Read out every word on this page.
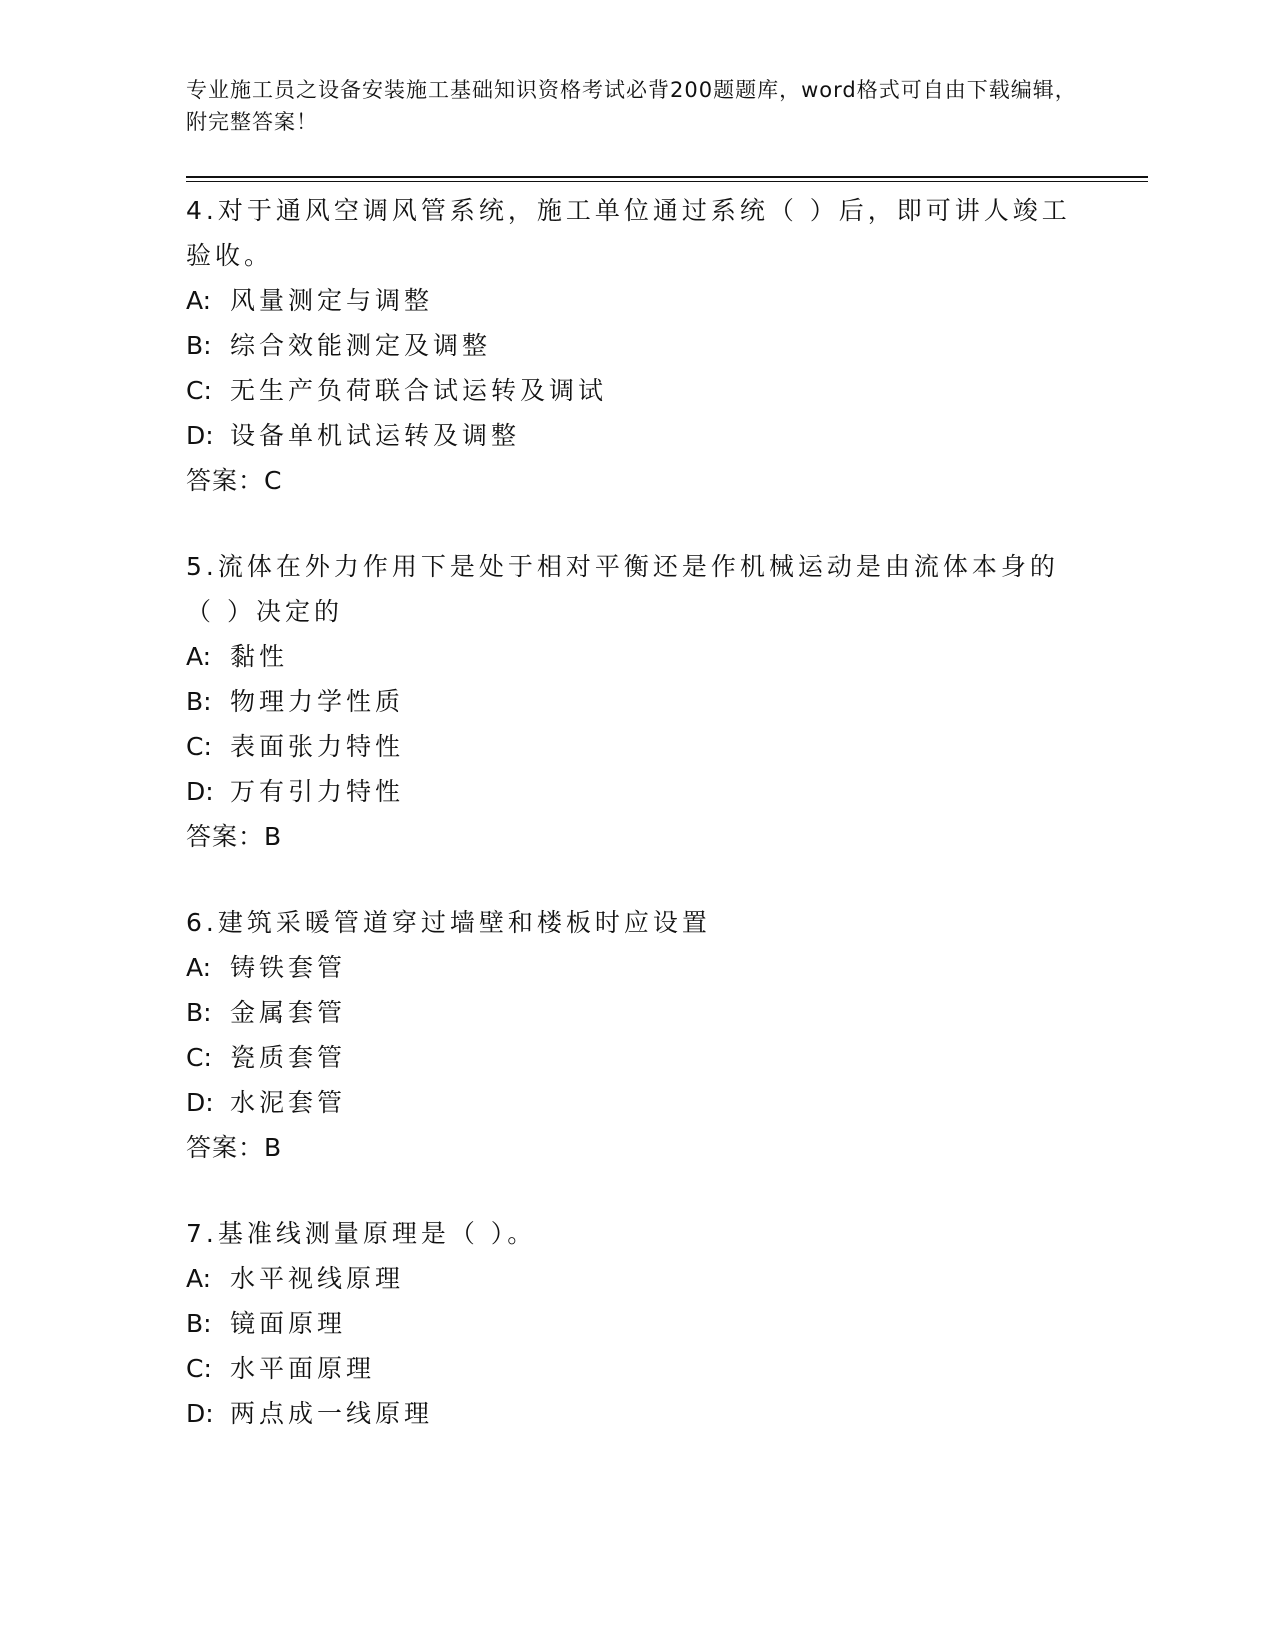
专业施工员之设备安装施工基础知识资格考试必背200题题库，word格式可自由下载编辑，附完整答案！

4.对于通风空调风管系统，施工单位通过系统（ ）后，即可讲人竣工验收。

A: 风量测定与调整

B: 综合效能测定及调整

C: 无生产负荷联合试运转及调试

D: 设备单机试运转及调整

答案：C

5.流体在外力作用下是处于相对平衡还是作机械运动是由流体本身的（ ）决定的

A: 黏性

B: 物理力学性质

C: 表面张力特性

D: 万有引力特性

答案：B

6.建筑采暖管道穿过墙壁和楼板时应设置

A: 铸铁套管

B: 金属套管

C: 瓷质套管

D: 水泥套管

答案：B

7.基准线测量原理是（ ）。

A: 水平视线原理

B: 镜面原理

C: 水平面原理

D: 两点成一线原理
